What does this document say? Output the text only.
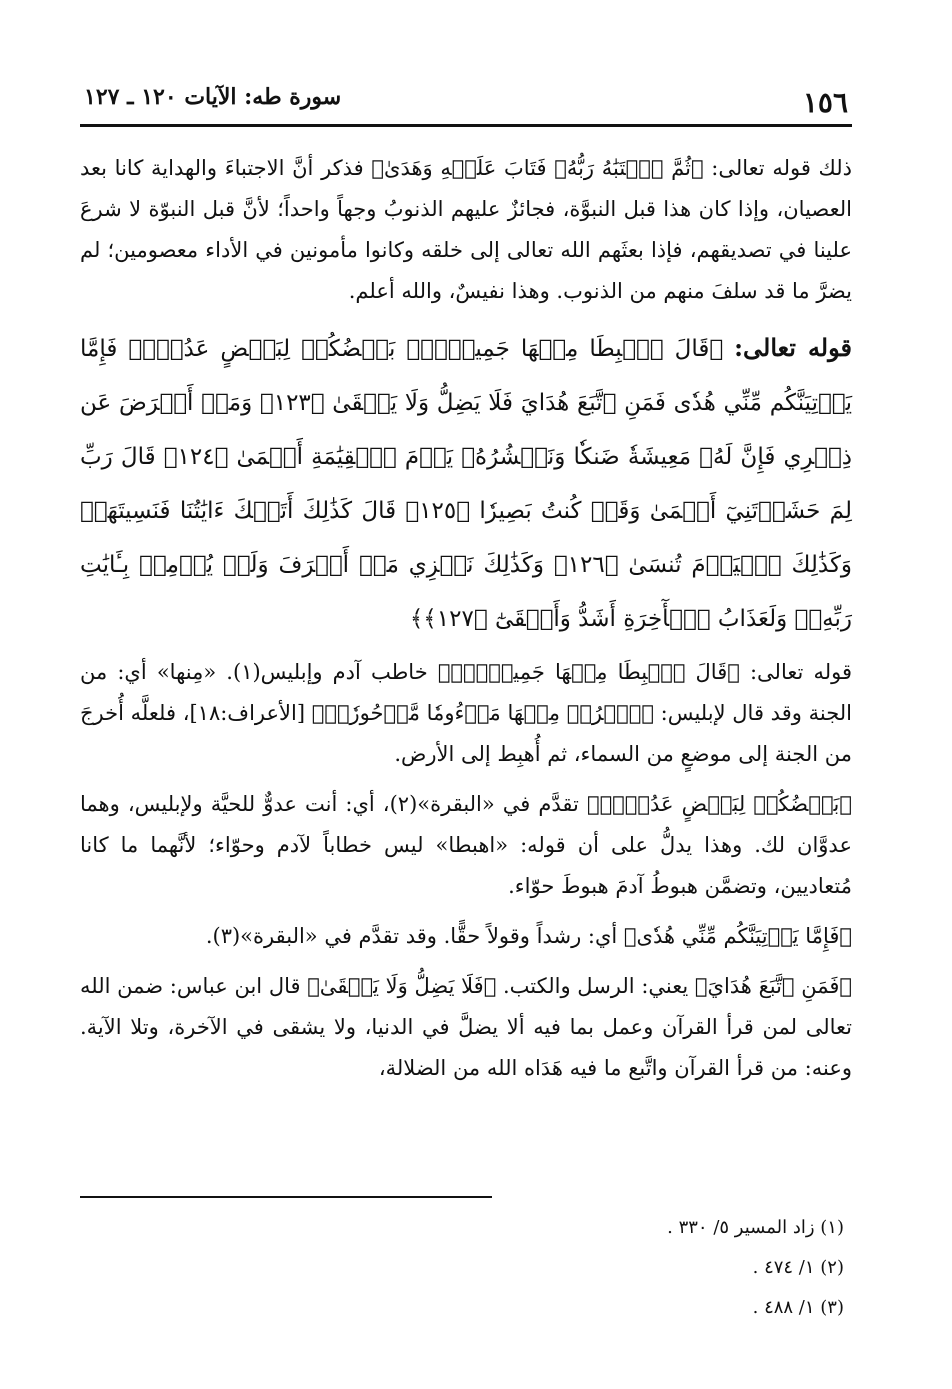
١٥٦
سورة طه: الآيات ١٢٠ ـ ١٢٧

ذلك قوله تعالى: ﴿ثُمَّ ٱجۡتَبَٰهُ رَبُّهُۥ فَتَابَ عَلَيۡهِ وَهَدَىٰ﴾ فذكر أنَّ الاجتباءَ والهداية كانا بعد العصيان، وإذا كان هذا قبل النبوَّة، فجائزٌ عليهم الذنوبُ وجهاً واحداً؛ لأنَّ قبل النبوّة لا شرعَ علينا في تصديقهم، فإذا بعثَهم الله تعالى إلى خلقه وكانوا مأمونين في الأداء معصومين؛ لم يضرَّ ما قد سلفَ منهم من الذنوب. وهذا نفيسٌ، والله أعلم.

قوله تعالى: ﴿قَالَ ٱهۡبِطَا مِنۡهَا جَمِيعَۢاۖ بَعۡضُكُمۡ لِبَعۡضٍ عَدُوّٞۖ فَإِمَّا يَأۡتِيَنَّكُم مِّنِّي هُدٗى فَمَنِ ٱتَّبَعَ هُدَايَ فَلَا يَضِلُّ وَلَا يَشۡقَىٰ ﴿١٢٣﴾ وَمَنۡ أَعۡرَضَ عَن ذِكۡرِي فَإِنَّ لَهُۥ مَعِيشَةٗ ضَنكٗا وَنَحۡشُرُهُۥ يَوۡمَ ٱلۡقِيَٰمَةِ أَعۡمَىٰ ﴿١٢٤﴾ قَالَ رَبِّ لِمَ حَشَرۡتَنِيٓ أَعۡمَىٰ وَقَدۡ كُنتُ بَصِيرٗا ﴿١٢٥﴾ قَالَ كَذَٰلِكَ أَتَتۡكَ ءَايَٰتُنَا فَنَسِيتَهَاۖ وَكَذَٰلِكَ ٱلۡيَوۡمَ تُنسَىٰ ﴿١٢٦﴾ وَكَذَٰلِكَ نَجۡزِي مَنۡ أَسۡرَفَ وَلَمۡ يُؤۡمِنۢ بِـَٔايَٰتِ رَبِّهِۦۚ وَلَعَذَابُ ٱلۡأٓخِرَةِ أَشَدُّ وَأَبۡقَىٰٓ ﴿١٢٧﴾﴾

قوله تعالى: ﴿قَالَ ٱهۡبِطَا مِنۡهَا جَمِيعَۢاۖ﴾ خاطب آدم وإبليس(١). «مِنها» أي: من الجنة وقد قال لإبليس: ﴿ٱخۡرُجۡ مِنۡهَا مَذۡءُومٗا مَّدۡحُورٗاۖ﴾ [الأعراف:١٨]، فلعلَّه أُخرجَ من الجنة إلى موضعٍ من السماء، ثم أُهبِط إلى الأرض.

﴿بَعۡضُكُمۡ لِبَعۡضٍ عَدُوّٞۖ﴾ تقدَّم في «البقرة»(٢)، أي: أنت عدوٌّ للحيَّة ولإبليس، وهما عدوَّان لك. وهذا يدلُّ على أن قوله: «اهبطا» ليس خطاباً لآدم وحوّاء؛ لأنَّهما ما كانا مُتعاديين، وتضمَّن هبوطُ آدمَ هبوطَ حوّاء.

﴿فَإِمَّا يَأۡتِيَنَّكُم مِّنِّي هُدٗى﴾ أي: رشداً وقولاً حقًّا. وقد تقدَّم في «البقرة»(٣).

﴿فَمَنِ ٱتَّبَعَ هُدَايَ﴾ يعني: الرسل والكتب. ﴿فَلَا يَضِلُّ وَلَا يَشۡقَىٰ﴾ قال ابن عباس: ضمن الله تعالى لمن قرأ القرآن وعمل بما فيه ألا يضلَّ في الدنيا، ولا يشقى في الآخرة، وتلا الآية. وعنه: من قرأ القرآن واتَّبع ما فيه هَدَاه الله من الضلالة،

(١) زاد المسير ٥/ ٣٣٠ .

(٢) ١/ ٤٧٤ .

(٣) ١/ ٤٨٨ .
